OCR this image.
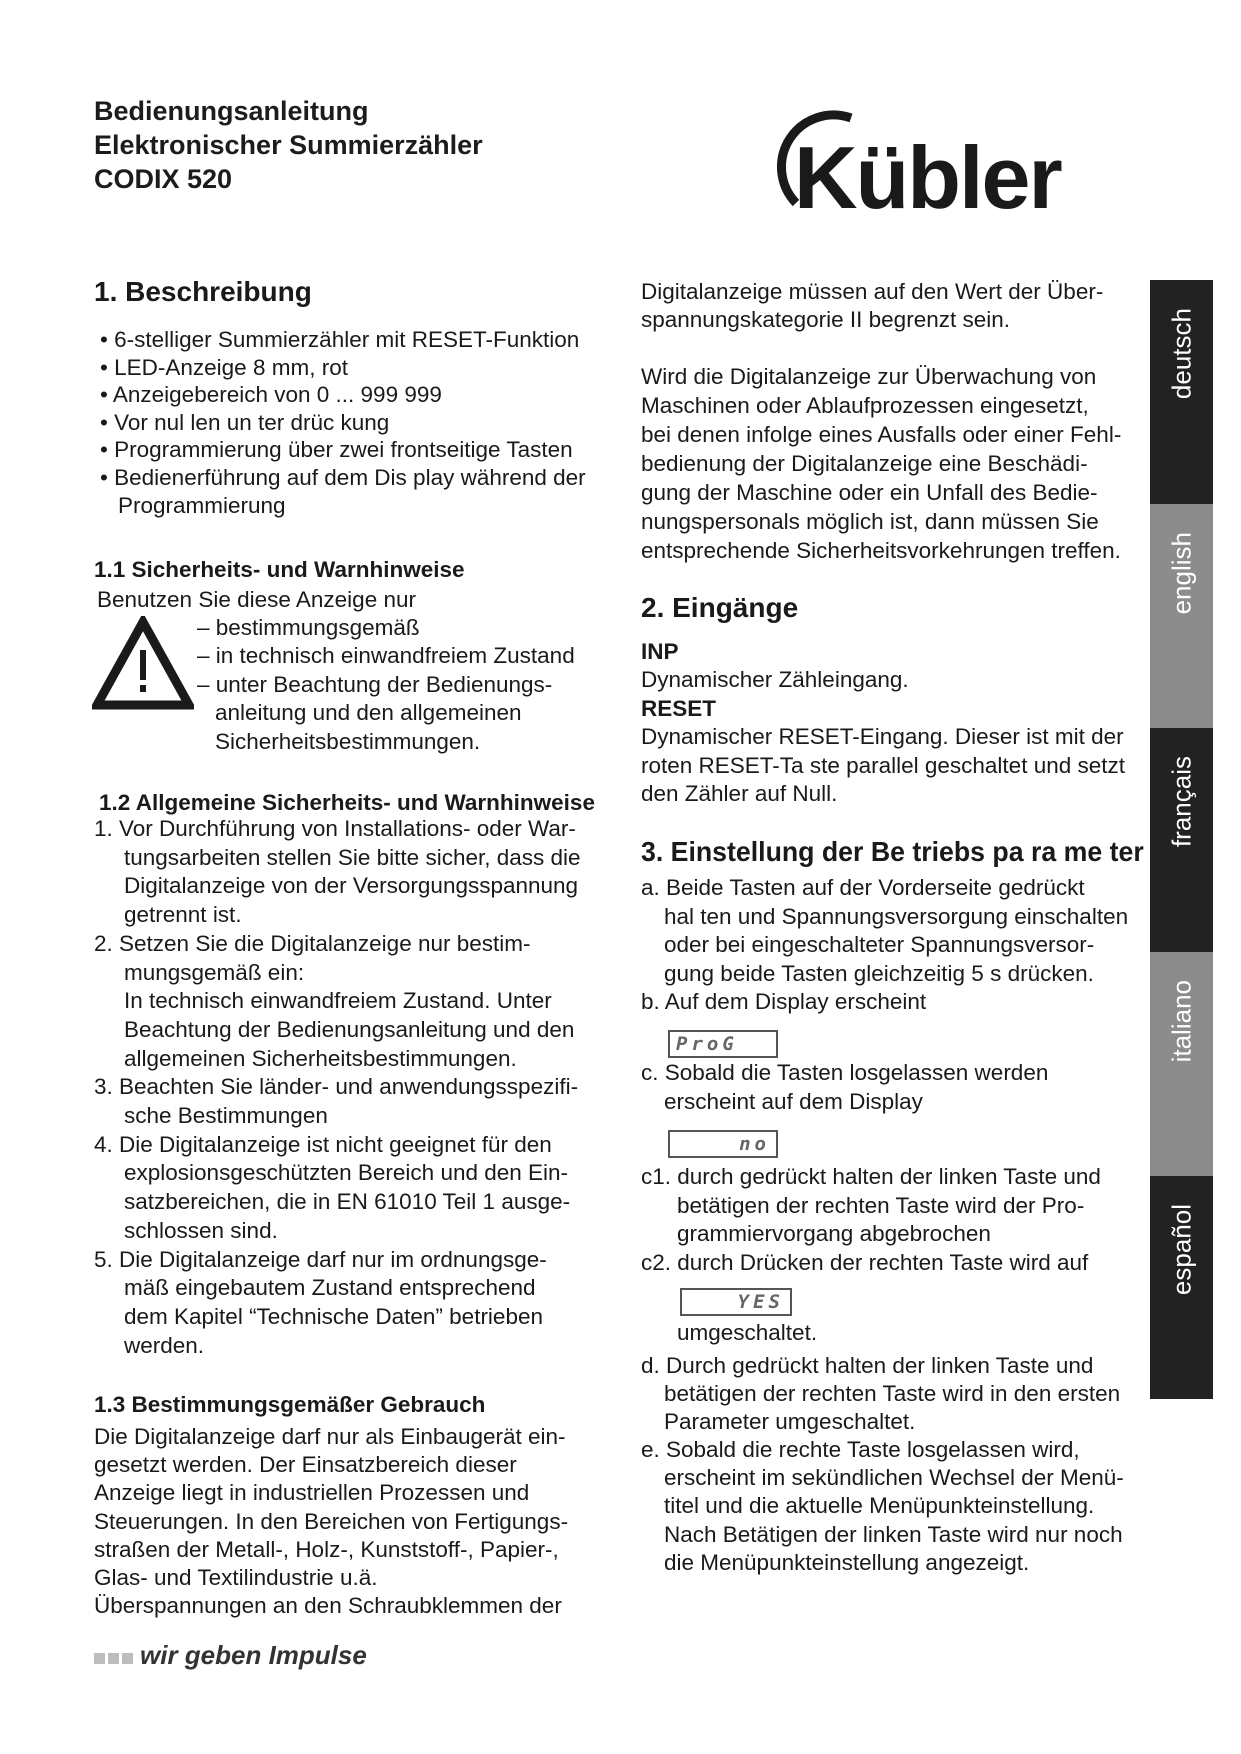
Bedienungsanleitung
Elektronischer Summierzähler
CODIX 520	Kübler
1. Beschreibung
• 6-stelliger Summierzähler mit RESET-Funktion
• LED-Anzeige 8 mm, rot
• Anzeigebereich von 0 ... 999 999
• Vor nul len un ter drüc kung
• Programmierung über zwei frontseitige Tasten
• Bedienerführung auf dem Dis play während der
Programmierung
1.1 Sicherheits- und Warnhinweise
Benutzen Sie diese Anzeige nur
– bestimmungsgemäß
– in technisch einwandfreiem Zustand
– unter Beachtung der Bedienungs-
anleitung und den allgemeinen
Sicherheitsbestimmungen.
1.2 Allgemeine Sicherheits- und Warnhinweise
1. Vor Durchführung von Installations- oder War-
tungsarbeiten stellen Sie bitte sicher, dass die
Digitalanzeige von der Versorgungsspannung
getrennt ist.
2. Setzen Sie die Digitalanzeige nur bestim-
mungsgemäß ein:
In technisch einwandfreiem Zustand. Unter
Beachtung der Bedienungsanleitung und den
allgemeinen Sicherheitsbestimmungen.
3. Beachten Sie länder- und anwendungsspezifi-
sche Bestimmungen
4. Die Digitalanzeige ist nicht geeignet für den
explosionsgeschützten Bereich und den Ein-
satzbereichen, die in EN 61010 Teil 1 ausge-
schlossen sind.
5. Die Digitalanzeige darf nur im ordnungsge-
mäß eingebautem Zustand entsprechend
dem Kapitel “Technische Daten” betrieben
werden.
1.3 Bestimmungsgemäßer Gebrauch
Die Digitalanzeige darf nur als Einbaugerät ein-
gesetzt werden. Der Einsatzbereich dieser
Anzeige liegt in industriellen Prozessen und
Steuerungen. In den Bereichen von Fertigungs-
straßen der Metall-, Holz-, Kunststoff-, Papier-,
Glas- und Textilindustrie u.ä.
Überspannungen an den Schraubklemmen der
wir geben Impulse
Digitalanzeige müssen auf den Wert der Über-
spannungskategorie II begrenzt sein.
Wird die Digitalanzeige zur Überwachung von
Maschinen oder Ablaufprozessen eingesetzt,
bei denen infolge eines Ausfalls oder einer Fehl-
bedienung der Digitalanzeige eine Beschädi-
gung der Maschine oder ein Unfall des Bedie-
nungspersonals möglich ist, dann müssen Sie
entsprechende Sicherheitsvorkehrungen treffen.
2. Eingänge
INP
Dynamischer Zähleingang.
RESET
Dynamischer RESET-Eingang. Dieser ist mit der
roten RESET-Ta ste parallel geschaltet und setzt
den Zähler auf Null.
3. Einstellung der Be triebs pa ra me ter
a. Beide Tasten auf der Vorderseite gedrückt
hal ten und Spannungsversorgung einschalten
oder bei eingeschalteter Spannungsversor-
gung beide Tasten gleichzeitig 5 s drücken.
b. Auf dem Display erscheint
ProG
c. Sobald die Tasten losgelassen werden
erscheint auf dem Display
no
c1. durch gedrückt halten der linken Taste und
betätigen der rechten Taste wird der Pro-
grammiervorgang abgebrochen
c2. durch Drücken der rechten Taste wird auf
YES
umgeschaltet.
d. Durch gedrückt halten der linken Taste und
betätigen der rechten Taste wird in den ersten
Parameter umgeschaltet.
e. Sobald die rechte Taste losgelassen wird,
erscheint im sekündlichen Wechsel der Menü-
titel und die aktuelle Menüpunkteinstellung.
Nach Betätigen der linken Taste wird nur noch
die Menüpunkteinstellung angezeigt.
deutsch
english
français
italiano
español
